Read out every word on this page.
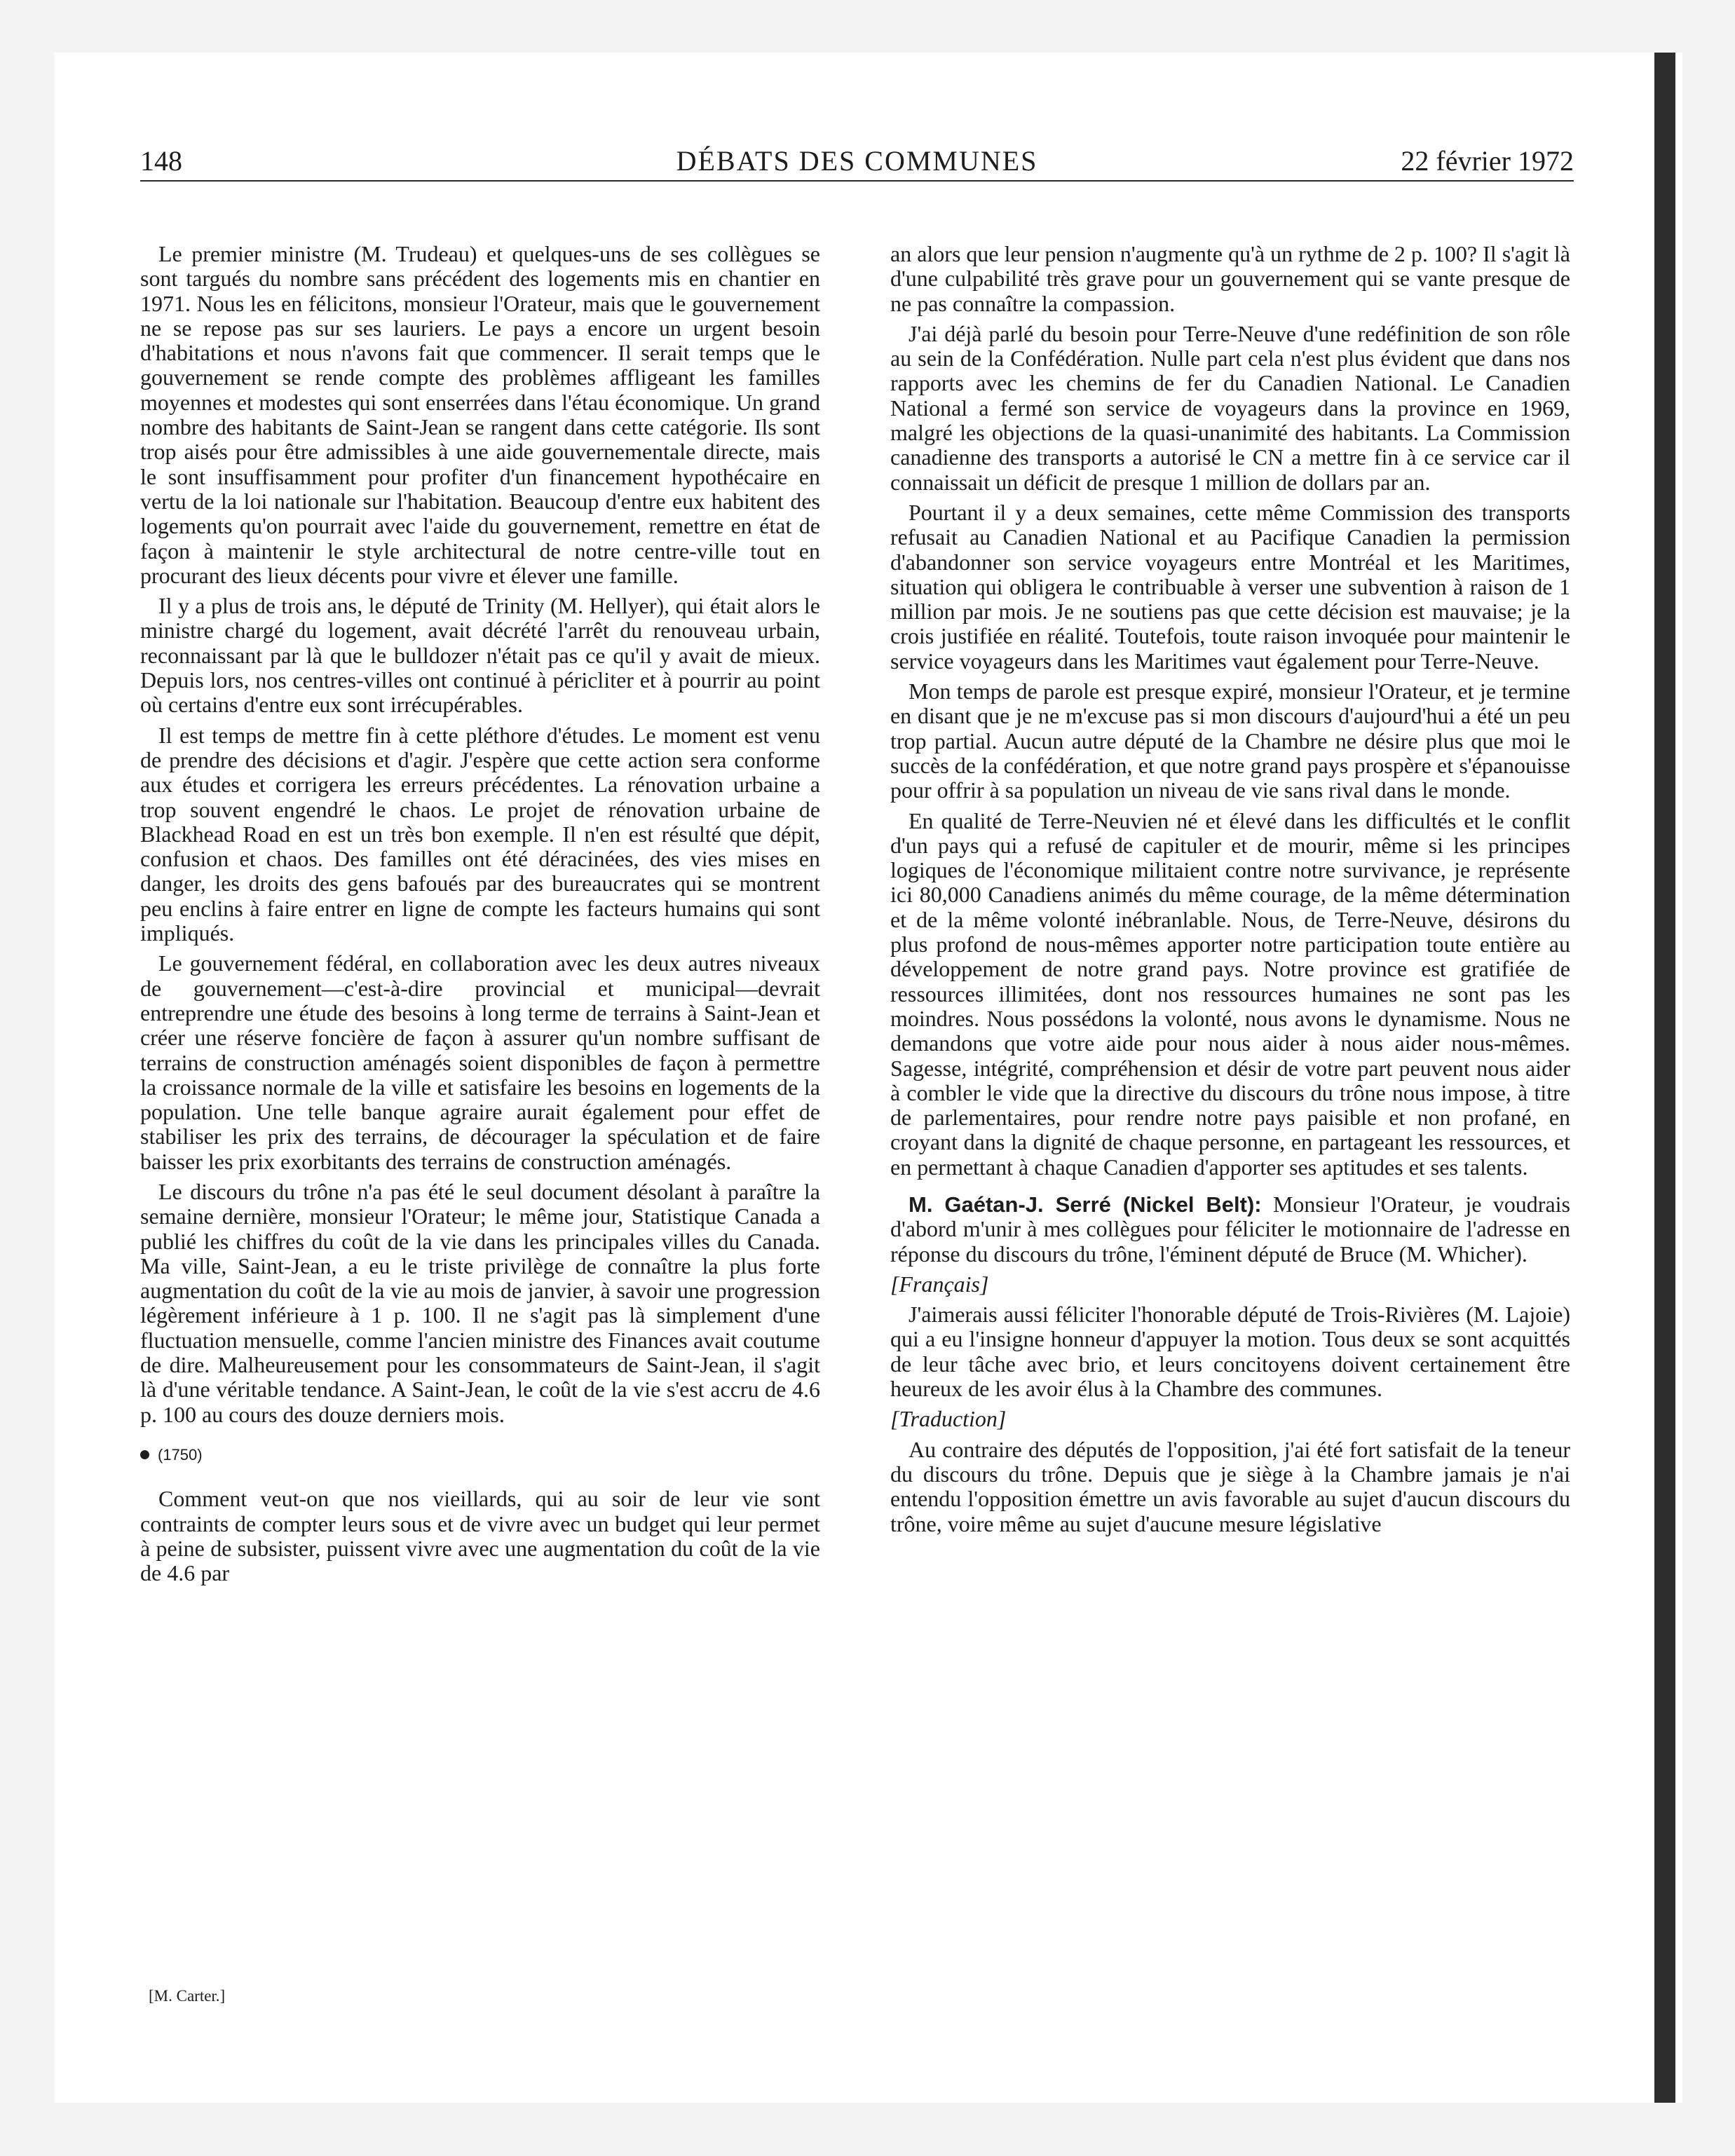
148	DÉBATS DES COMMUNES	22 février 1972

Le premier ministre (M. Trudeau) et quelques-uns de ses collègues se sont targués du nombre sans précédent des logements mis en chantier en 1971. Nous les en félicitons, monsieur l'Orateur, mais que le gouvernement ne se repose pas sur ses lauriers. Le pays a encore un urgent besoin d'habitations et nous n'avons fait que commencer. Il serait temps que le gouvernement se rende compte des problèmes affligeant les familles moyennes et modestes qui sont enserrées dans l'étau économique. Un grand nombre des habitants de Saint-Jean se rangent dans cette catégorie. Ils sont trop aisés pour être admissibles à une aide gouvernementale directe, mais le sont insuffisamment pour profiter d'un financement hypothécaire en vertu de la loi nationale sur l'habitation. Beaucoup d'entre eux habitent des logements qu'on pourrait avec l'aide du gouvernement, remettre en état de façon à maintenir le style architectural de notre centre-ville tout en procurant des lieux décents pour vivre et élever une famille.

Il y a plus de trois ans, le député de Trinity (M. Hellyer), qui était alors le ministre chargé du logement, avait décrété l'arrêt du renouveau urbain, reconnaissant par là que le bulldozer n'était pas ce qu'il y avait de mieux. Depuis lors, nos centres-villes ont continué à péricliter et à pourrir au point où certains d'entre eux sont irrécupérables.

Il est temps de mettre fin à cette pléthore d'études. Le moment est venu de prendre des décisions et d'agir. J'espère que cette action sera conforme aux études et corrigera les erreurs précédentes. La rénovation urbaine a trop souvent engendré le chaos. Le projet de rénovation urbaine de Blackhead Road en est un très bon exemple. Il n'en est résulté que dépit, confusion et chaos. Des familles ont été déracinées, des vies mises en danger, les droits des gens bafoués par des bureaucrates qui se montrent peu enclins à faire entrer en ligne de compte les facteurs humains qui sont impliqués.

Le gouvernement fédéral, en collaboration avec les deux autres niveaux de gouvernement—c'est-à-dire provincial et municipal—devrait entreprendre une étude des besoins à long terme de terrains à Saint-Jean et créer une réserve foncière de façon à assurer qu'un nombre suffisant de terrains de construction aménagés soient disponibles de façon à permettre la croissance normale de la ville et satisfaire les besoins en logements de la population. Une telle banque agraire aurait également pour effet de stabiliser les prix des terrains, de décourager la spéculation et de faire baisser les prix exorbitants des terrains de construction aménagés.

Le discours du trône n'a pas été le seul document désolant à paraître la semaine dernière, monsieur l'Orateur; le même jour, Statistique Canada a publié les chiffres du coût de la vie dans les principales villes du Canada. Ma ville, Saint-Jean, a eu le triste privilège de connaître la plus forte augmentation du coût de la vie au mois de janvier, à savoir une progression légèrement inférieure à 1 p. 100. Il ne s'agit pas là simplement d'une fluctuation mensuelle, comme l'ancien ministre des Finances avait coutume de dire. Malheureusement pour les consommateurs de Saint-Jean, il s'agit là d'une véritable tendance. A Saint-Jean, le coût de la vie s'est accru de 4.6 p. 100 au cours des douze derniers mois.

(1750)

Comment veut-on que nos vieillards, qui au soir de leur vie sont contraints de compter leurs sous et de vivre avec un budget qui leur permet à peine de subsister, puissent vivre avec une augmentation du coût de la vie de 4.6 par

[M. Carter.]

an alors que leur pension n'augmente qu'à un rythme de 2 p. 100? Il s'agit là d'une culpabilité très grave pour un gouvernement qui se vante presque de ne pas connaître la compassion.

J'ai déjà parlé du besoin pour Terre-Neuve d'une redéfinition de son rôle au sein de la Confédération. Nulle part cela n'est plus évident que dans nos rapports avec les chemins de fer du Canadien National. Le Canadien National a fermé son service de voyageurs dans la province en 1969, malgré les objections de la quasi-unanimité des habitants. La Commission canadienne des transports a autorisé le CN a mettre fin à ce service car il connaissait un déficit de presque 1 million de dollars par an.

Pourtant il y a deux semaines, cette même Commission des transports refusait au Canadien National et au Pacifique Canadien la permission d'abandonner son service voyageurs entre Montréal et les Maritimes, situation qui obligera le contribuable à verser une subvention à raison de 1 million par mois. Je ne soutiens pas que cette décision est mauvaise; je la crois justifiée en réalité. Toutefois, toute raison invoquée pour maintenir le service voyageurs dans les Maritimes vaut également pour Terre-Neuve.

Mon temps de parole est presque expiré, monsieur l'Orateur, et je termine en disant que je ne m'excuse pas si mon discours d'aujourd'hui a été un peu trop partial. Aucun autre député de la Chambre ne désire plus que moi le succès de la confédération, et que notre grand pays prospère et s'épanouisse pour offrir à sa population un niveau de vie sans rival dans le monde.

En qualité de Terre-Neuvien né et élevé dans les difficultés et le conflit d'un pays qui a refusé de capituler et de mourir, même si les principes logiques de l'économique militaient contre notre survivance, je représente ici 80,000 Canadiens animés du même courage, de la même détermination et de la même volonté inébranlable. Nous, de Terre-Neuve, désirons du plus profond de nous-mêmes apporter notre participation toute entière au développement de notre grand pays. Notre province est gratifiée de ressources illimitées, dont nos ressources humaines ne sont pas les moindres. Nous possédons la volonté, nous avons le dynamisme. Nous ne demandons que votre aide pour nous aider à nous aider nous-mêmes. Sagesse, intégrité, compréhension et désir de votre part peuvent nous aider à combler le vide que la directive du discours du trône nous impose, à titre de parlementaires, pour rendre notre pays paisible et non profané, en croyant dans la dignité de chaque personne, en partageant les ressources, et en permettant à chaque Canadien d'apporter ses aptitudes et ses talents.

M. Gaétan-J. Serré (Nickel Belt): Monsieur l'Orateur, je voudrais d'abord m'unir à mes collègues pour féliciter le motionnaire de l'adresse en réponse du discours du trône, l'éminent député de Bruce (M. Whicher).

[Français]

J'aimerais aussi féliciter l'honorable député de Trois-Rivières (M. Lajoie) qui a eu l'insigne honneur d'appuyer la motion. Tous deux se sont acquittés de leur tâche avec brio, et leurs concitoyens doivent certainement être heureux de les avoir élus à la Chambre des communes.

[Traduction]

Au contraire des députés de l'opposition, j'ai été fort satisfait de la teneur du discours du trône. Depuis que je siège à la Chambre jamais je n'ai entendu l'opposition émettre un avis favorable au sujet d'aucun discours du trône, voire même au sujet d'aucune mesure législative
